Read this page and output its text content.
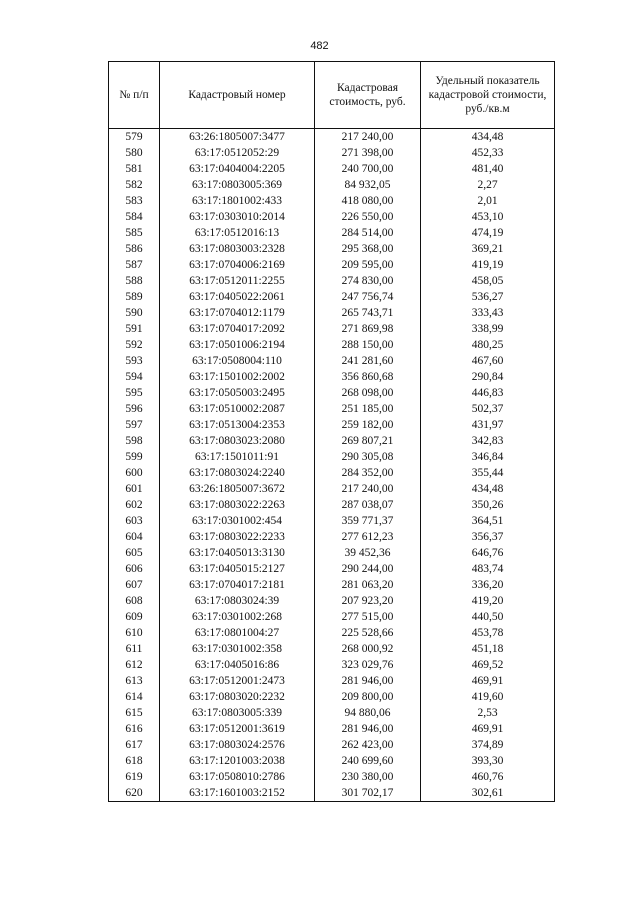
482
№ п/п	Кадастровый номер	Кадастровая стоимость, руб.	Удельный показатель кадастровой стоимости, руб./кв.м
579	63:26:1805007:3477	217 240,00	434,48
580	63:17:0512052:29	271 398,00	452,33
581	63:17:0404004:2205	240 700,00	481,40
582	63:17:0803005:369	84 932,05	2,27
583	63:17:1801002:433	418 080,00	2,01
584	63:17:0303010:2014	226 550,00	453,10
585	63:17:0512016:13	284 514,00	474,19
586	63:17:0803003:2328	295 368,00	369,21
587	63:17:0704006:2169	209 595,00	419,19
588	63:17:0512011:2255	274 830,00	458,05
589	63:17:0405022:2061	247 756,74	536,27
590	63:17:0704012:1179	265 743,71	333,43
591	63:17:0704017:2092	271 869,98	338,99
592	63:17:0501006:2194	288 150,00	480,25
593	63:17:0508004:110	241 281,60	467,60
594	63:17:1501002:2002	356 860,68	290,84
595	63:17:0505003:2495	268 098,00	446,83
596	63:17:0510002:2087	251 185,00	502,37
597	63:17:0513004:2353	259 182,00	431,97
598	63:17:0803023:2080	269 807,21	342,83
599	63:17:1501011:91	290 305,08	346,84
600	63:17:0803024:2240	284 352,00	355,44
601	63:26:1805007:3672	217 240,00	434,48
602	63:17:0803022:2263	287 038,07	350,26
603	63:17:0301002:454	359 771,37	364,51
604	63:17:0803022:2233	277 612,23	356,37
605	63:17:0405013:3130	39 452,36	646,76
606	63:17:0405015:2127	290 244,00	483,74
607	63:17:0704017:2181	281 063,20	336,20
608	63:17:0803024:39	207 923,20	419,20
609	63:17:0301002:268	277 515,00	440,50
610	63:17:0801004:27	225 528,66	453,78
611	63:17:0301002:358	268 000,92	451,18
612	63:17:0405016:86	323 029,76	469,52
613	63:17:0512001:2473	281 946,00	469,91
614	63:17:0803020:2232	209 800,00	419,60
615	63:17:0803005:339	94 880,06	2,53
616	63:17:0512001:3619	281 946,00	469,91
617	63:17:0803024:2576	262 423,00	374,89
618	63:17:1201003:2038	240 699,60	393,30
619	63:17:0508010:2786	230 380,00	460,76
620	63:17:1601003:2152	301 702,17	302,61
